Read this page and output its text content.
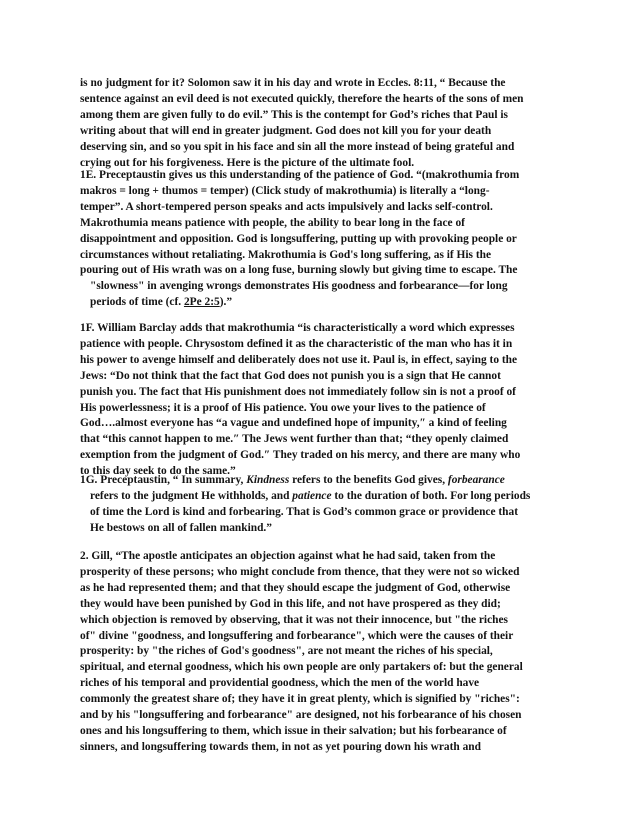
is no judgment for it? Solomon saw it in his day and wrote in Eccles. 8:11, “ Because the
sentence against an evil deed is not executed quickly, therefore the hearts of the sons of men
among them are given fully to do evil.” This is the contempt for God’s riches that Paul is
writing about that will end in greater judgment. God does not kill you for your death
deserving sin, and so you spit in his face and sin all the more instead of being grateful and
crying out for his forgiveness. Here is the picture of the ultimate fool.
1E. Preceptaustin gives us this understanding of the patience of God. “(makrothumia from
makros = long + thumos = temper) (Click study of makrothumia) is literally a “long-
temper”. A short-tempered person speaks and acts impulsively and lacks self-control.
Makrothumia means patience with people, the ability to bear long in the face of
disappointment and opposition. God is longsuffering, putting up with provoking people or
circumstances without retaliating. Makrothumia is God's long suffering, as if His the
pouring out of His wrath was on a long fuse, burning slowly but giving time to escape. The
"slowness" in avenging wrongs demonstrates His goodness and forbearance—for long
periods of time (cf. 2Pe 2:5).”
1F. William Barclay adds that makrothumia “is characteristically a word which expresses
patience with people. Chrysostom defined it as the characteristic of the man who has it in
his power to avenge himself and deliberately does not use it. Paul is, in effect, saying to the
Jews: “Do not think that the fact that God does not punish you is a sign that He cannot
punish you. The fact that His punishment does not immediately follow sin is not a proof of
His powerlessness; it is a proof of His patience. You owe your lives to the patience of
God….almost everyone has “a vague and undefined hope of impunity,″ a kind of feeling
that “this cannot happen to me.″ The Jews went further than that; “they openly claimed
exemption from the judgment of God.″ They traded on his mercy, and there are many who
to this day seek to do the same.”
1G. Preceptaustin, “ In summary, Kindness refers to the benefits God gives, forbearance
refers to the judgment He withholds, and patience to the duration of both. For long periods
of time the Lord is kind and forbearing. That is God’s common grace or providence that
He bestows on all of fallen mankind.”
2. Gill, “The apostle anticipates an objection against what he had said, taken from the
prosperity of these persons; who might conclude from thence, that they were not so wicked
as he had represented them; and that they should escape the judgment of God, otherwise
they would have been punished by God in this life, and not have prospered as they did;
which objection is removed by observing, that it was not their innocence, but "the riches
of" divine "goodness, and longsuffering and forbearance", which were the causes of their
prosperity: by "the riches of God's goodness", are not meant the riches of his special,
spiritual, and eternal goodness, which his own people are only partakers of: but the general
riches of his temporal and providential goodness, which the men of the world have
commonly the greatest share of; they have it in great plenty, which is signified by "riches":
and by his "longsuffering and forbearance" are designed, not his forbearance of his chosen
ones and his longsuffering to them, which issue in their salvation; but his forbearance of
sinners, and longsuffering towards them, in not as yet pouring down his wrath and
